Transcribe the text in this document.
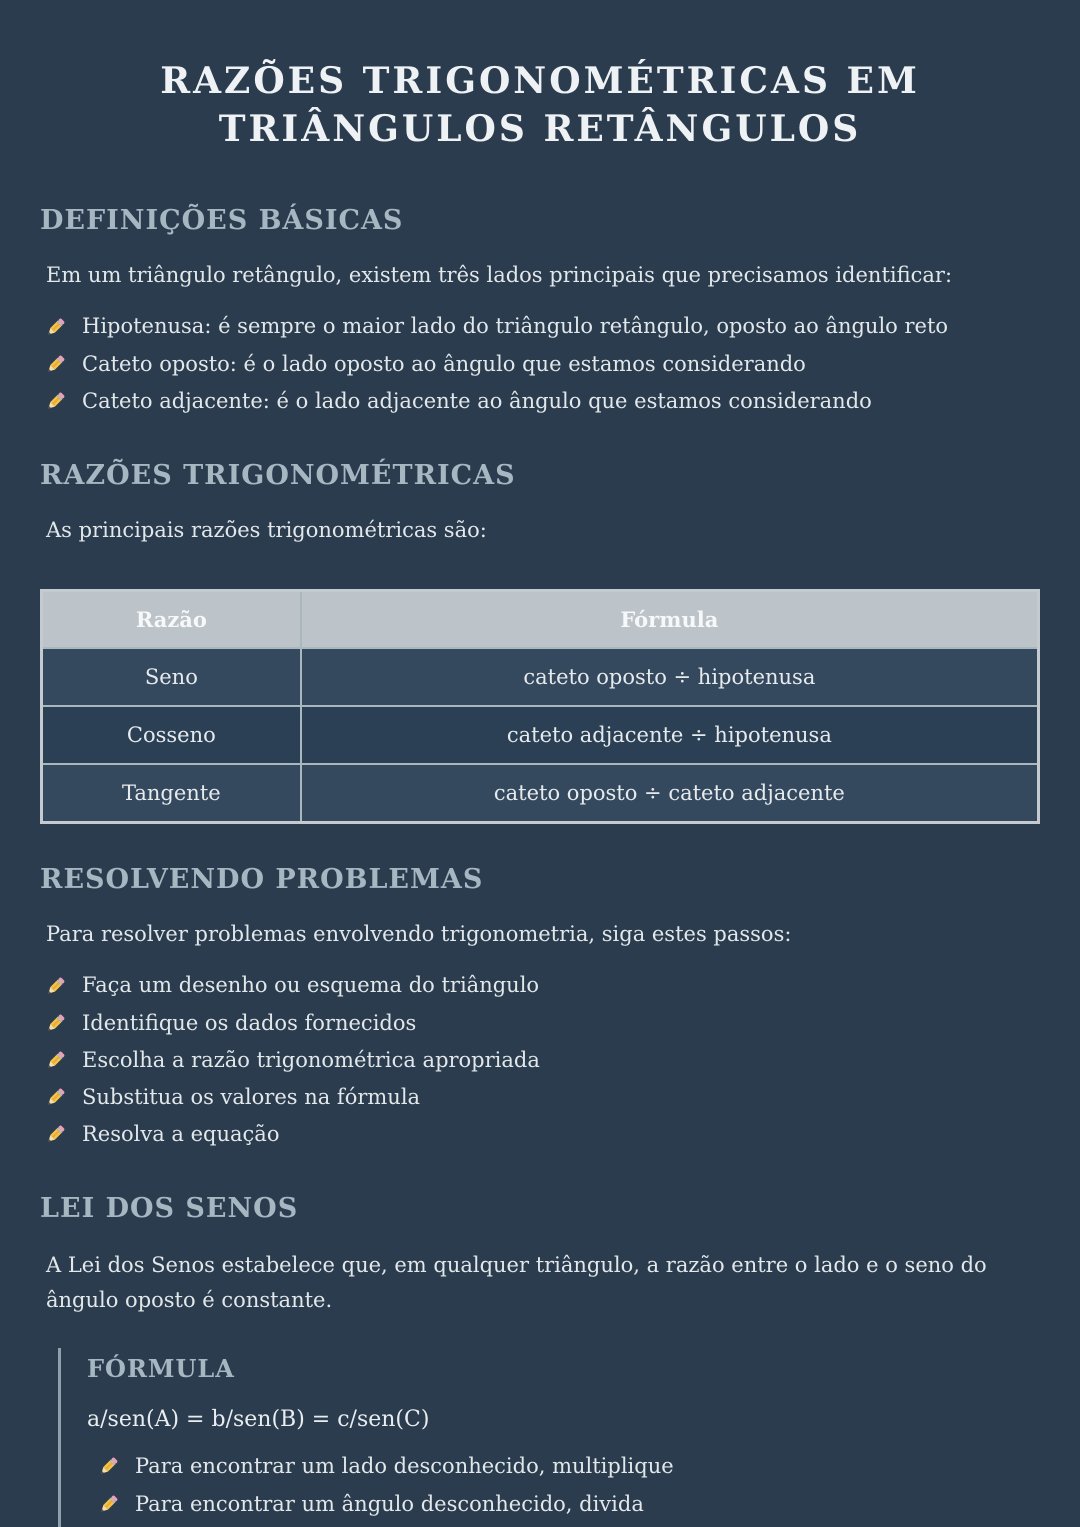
RAZÕES TRIGONOMÉTRICAS EM
TRIÂNGULOS RETÂNGULOS
DEFINIÇÕES BÁSICAS

Em um triângulo retângulo, existem três lados principais que precisamos identificar:

Hipotenusa: é sempre o maior lado do triângulo retângulo, oposto ao ângulo reto
Cateto oposto: é o lado oposto ao ângulo que estamos considerando
Cateto adjacente: é o lado adjacente ao ângulo que estamos considerando
RAZÕES TRIGONOMÉTRICAS

As principais razões trigonométricas são:

Razão	Fórmula
Seno	cateto oposto ÷ hipotenusa
Cosseno	cateto adjacente ÷ hipotenusa
Tangente	cateto oposto ÷ cateto adjacente
RESOLVENDO PROBLEMAS

Para resolver problemas envolvendo trigonometria, siga estes passos:

Faça um desenho ou esquema do triângulo
Identifique os dados fornecidos
Escolha a razão trigonométrica apropriada
Substitua os valores na fórmula
Resolva a equação
LEI DOS SENOS

A Lei dos Senos estabelece que, em qualquer triângulo, a razão entre o lado e o seno do ângulo oposto é constante.

FÓRMULA

a/sen(A) = b/sen(B) = c/sen(C)

Para encontrar um lado desconhecido, multiplique
Para encontrar um ângulo desconhecido, divida
